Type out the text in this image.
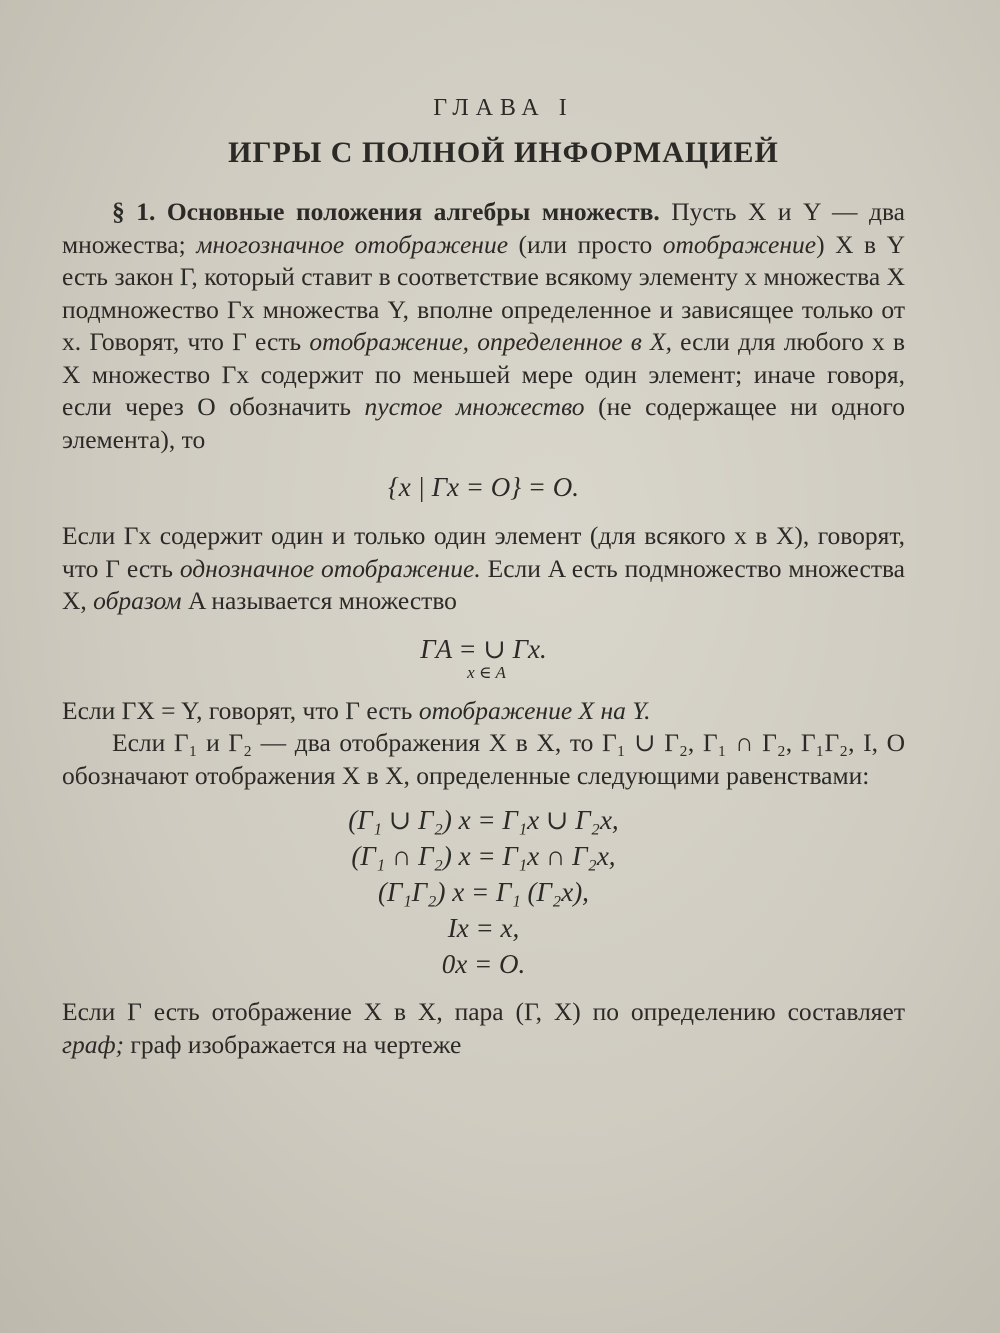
ГЛАВА I
ИГРЫ С ПОЛНОЙ ИНФОРМАЦИЕЙ

§ 1. Основные положения алгебры множеств. Пусть X и Y — два множества; многозначное отображение (или просто отображение) X в Y есть закон Γ, который ставит в соответствие всякому элементу x множества X подмножество Γx множества Y, вполне определенное и зависящее только от x. Говорят, что Γ есть отображение, определенное в X, если для любого x в X множество Γx содержит по меньшей мере один элемент; иначе говоря, если через O обозначить пустое множество (не содержащее ни одного элемента), то

{x | Γx = O} = O.

Если Γx содержит один и только один элемент (для всякого x в X), говорят, что Γ есть однозначное отображение. Если A есть подмножество множества X, образом A называется множество

ΓA = ∪ Γx.
x ∈ A

Если ΓX = Y, говорят, что Γ есть отображение X на Y.

Если Γ₁ и Γ₂ — два отображения X в X, то Γ₁ ∪ Γ₂, Γ₁ ∩ Γ₂, Γ₁Γ₂, I, O обозначают отображения X в X, определенные следующими равенствами:

(Γ₁ ∪ Γ₂) x = Γ₁x ∪ Γ₂x,
(Γ₁ ∩ Γ₂) x = Γ₁x ∩ Γ₂x,
(Γ₁Γ₂) x = Γ₁ (Γ₂x),
Ix = x,
0x = O.

Если Γ есть отображение X в X, пара (Γ, X) по определению составляет граф; граф изображается на чертеже
